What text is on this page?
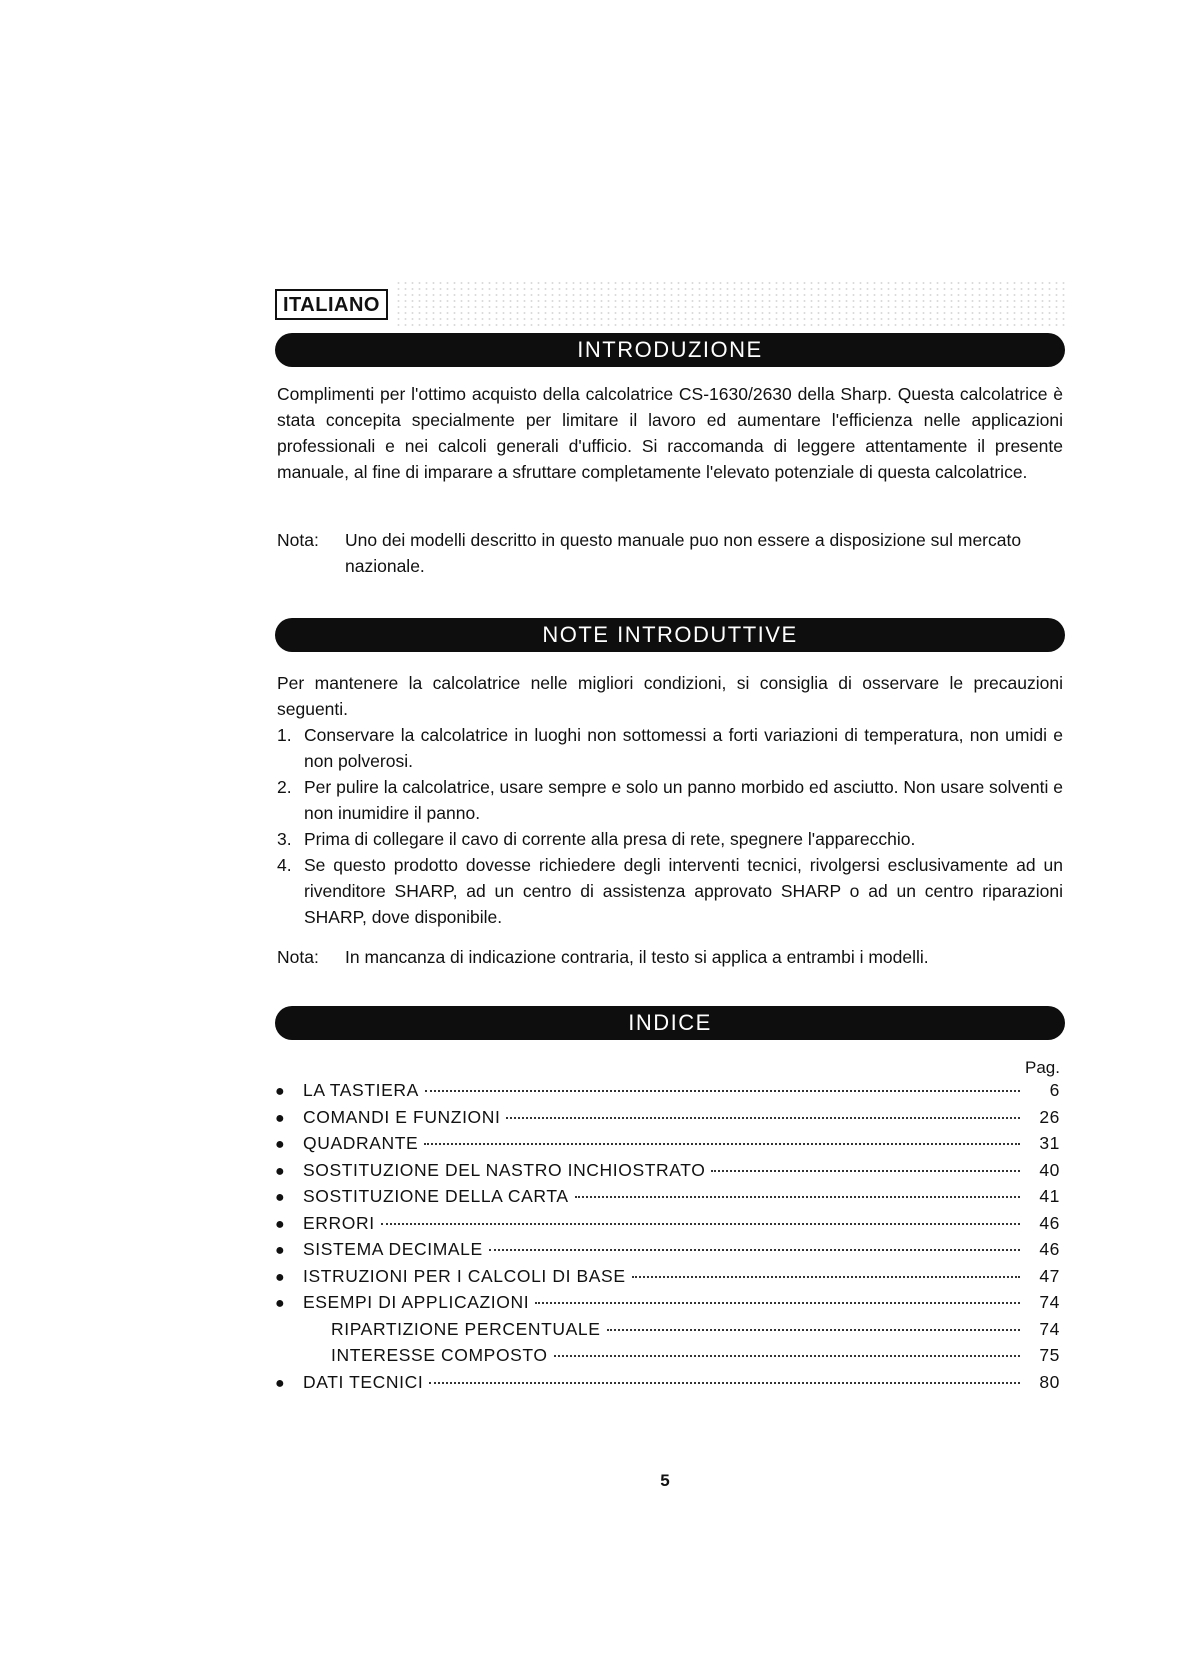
ITALIANO
INTRODUZIONE

Complimenti per l'ottimo acquisto della calcolatrice CS-1630/2630 della Sharp. Questa calcolatrice è stata concepita specialmente per limitare il lavoro ed aumentare l'efficienza nelle applicazioni professionali e nei calcoli generali d'ufficio. Si raccomanda di leggere attentamente il presente manuale, al fine di imparare a sfruttare completamente l'elevato potenziale di questa calcolatrice.

Nota: Uno dei modelli descritto in questo manuale puo non essere a disposizione sul mercato nazionale.
NOTE INTRODUTTIVE

Per mantenere la calcolatrice nelle migliori condizioni, si consiglia di osservare le precauzioni seguenti.

1. Conservare la calcolatrice in luoghi non sottomessi a forti variazioni di temperatura, non umidi e non polverosi.
2. Per pulire la calcolatrice, usare sempre e solo un panno morbido ed asciutto. Non usare solventi e non inumidire il panno.
3. Prima di collegare il cavo di corrente alla presa di rete, spegnere l'apparecchio.
4. Se questo prodotto dovesse richiedere degli interventi tecnici, rivolgersi esclusivamente ad un rivenditore SHARP, ad un centro di assistenza approvato SHARP o ad un centro riparazioni SHARP, dove disponibile.
Nota: In mancanza di indicazione contraria, il testo si applica a entrambi i modelli.
INDICE
Pag.
●	LA TASTIERA	6
●	COMANDI E FUNZIONI	26
●	QUADRANTE	31
●	SOSTITUZIONE DEL NASTRO INCHIOSTRATO	40
●	SOSTITUZIONE DELLA CARTA	41
●	ERRORI	46
●	SISTEMA DECIMALE	46
●	ISTRUZIONI PER I CALCOLI DI BASE	47
●	ESEMPI DI APPLICAZIONI	74
RIPARTIZIONE PERCENTUALE	74
INTERESSE COMPOSTO	75
●	DATI TECNICI	80
5
